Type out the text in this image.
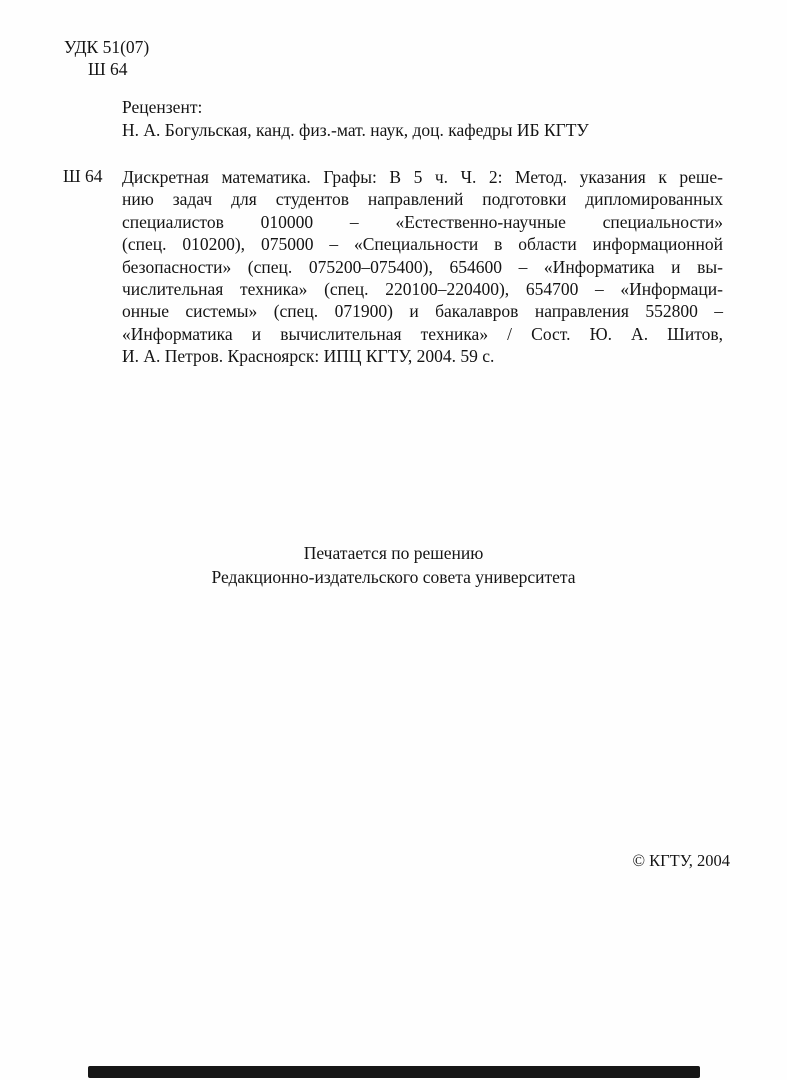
УДК 51(07)
Ш 64
Рецензент:
Н. А. Богульская, канд. физ.-мат. наук, доц. кафедры ИБ КГТУ
Ш 64 Дискретная математика. Графы: В 5 ч. Ч. 2: Метод. указания к реше-
нию задач для студентов направлений подготовки дипломированных
специалистов 010000 – «Естественно-научные специальности»
(спец. 010200), 075000 – «Специальности в области информационной
безопасности» (спец. 075200–075400), 654600 – «Информатика и вы-
числительная техника» (спец. 220100–220400), 654700 – «Информаци-
онные системы» (спец. 071900) и бакалавров направления 552800 –
«Информатика и вычислительная техника» / Сост. Ю. А. Шитов,
И. А. Петров. Красноярск: ИПЦ КГТУ, 2004. 59 с.
Печатается по решению
Редакционно-издательского совета университета
© КГТУ, 2004
